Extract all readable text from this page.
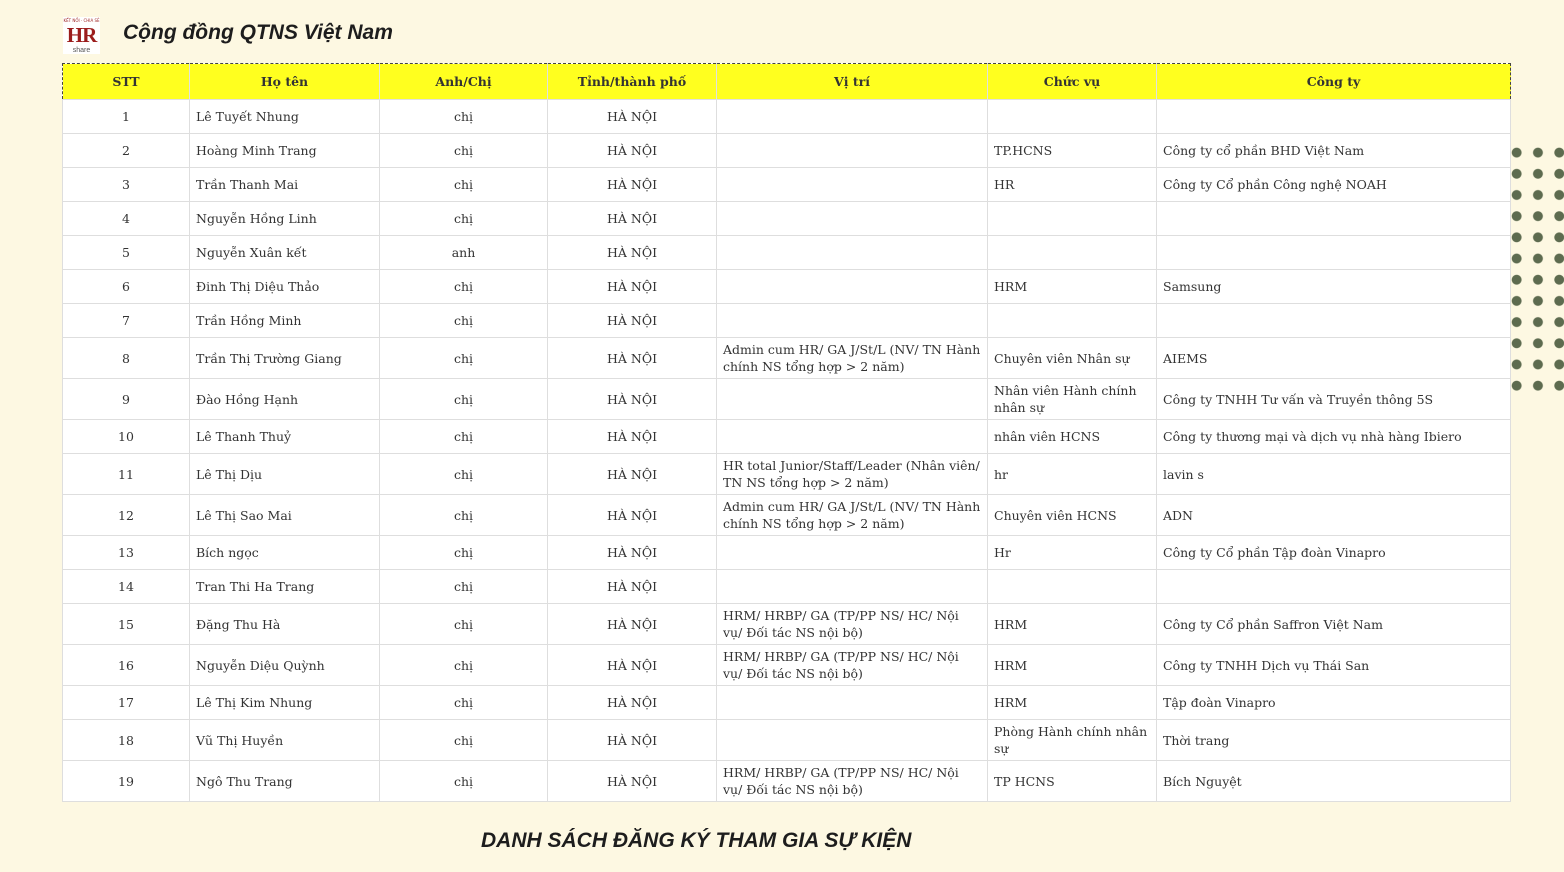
KẾT NỐI · CHIA SẺ
HR
share
Cộng đồng QTNS Việt Nam
STT	Họ tên	Anh/Chị	Tỉnh/thành phố	Vị trí	Chức vụ	Công ty
1	Lê Tuyết Nhung	chị	HÀ NỘI			
2	Hoàng Minh Trang	chị	HÀ NỘI		TP.HCNS	Công ty cổ phần BHD Việt Nam
3	Trần Thanh Mai	chị	HÀ NỘI		HR	Công ty Cổ phần Công nghệ NOAH
4	Nguyễn Hồng Linh	chị	HÀ NỘI			
5	Nguyễn Xuân kết	anh	HÀ NỘI			
6	Đinh Thị Diệu Thảo	chị	HÀ NỘI		HRM	Samsung
7	Trần Hồng Minh	chị	HÀ NỘI			
8	Trần Thị Trường Giang	chị	HÀ NỘI	Admin cum HR/ GA J/St/L (NV/ TN Hành chính NS tổng hợp > 2 năm)	Chuyên viên Nhân sự	AIEMS
9	Đào Hồng Hạnh	chị	HÀ NỘI		Nhân viên Hành chính nhân sự	Công ty TNHH Tư vấn và Truyền thông 5S
10	Lê Thanh Thuỷ	chị	HÀ NỘI		nhân viên HCNS	Công ty thương mại và dịch vụ nhà hàng Ibiero
11	Lê Thị Dịu	chị	HÀ NỘI	HR total Junior/Staff/Leader (Nhân viên/ TN NS tổng hợp > 2 năm)	hr	lavin s
12	Lê Thị Sao Mai	chị	HÀ NỘI	Admin cum HR/ GA J/St/L (NV/ TN Hành chính NS tổng hợp > 2 năm)	Chuyên viên HCNS	ADN
13	Bích ngọc	chị	HÀ NỘI		Hr	Công ty Cổ phần Tập đoàn Vinapro
14	Tran Thi Ha Trang	chị	HÀ NỘI			
15	Đặng Thu Hà	chị	HÀ NỘI	HRM/ HRBP/ GA (TP/PP NS/ HC/ Nội vụ/ Đối tác NS nội bộ)	HRM	Công ty Cổ phần Saffron Việt Nam
16	Nguyễn Diệu Quỳnh	chị	HÀ NỘI	HRM/ HRBP/ GA (TP/PP NS/ HC/ Nội vụ/ Đối tác NS nội bộ)	HRM	Công ty TNHH Dịch vụ Thái San
17	Lê Thị Kim Nhung	chị	HÀ NỘI		HRM	Tập đoàn Vinapro
18	Vũ Thị Huyền	chị	HÀ NỘI		Phòng Hành chính nhân sự	Thời trang
19	Ngô Thu Trang	chị	HÀ NỘI	HRM/ HRBP/ GA (TP/PP NS/ HC/ Nội vụ/ Đối tác NS nội bộ)	TP HCNS	Bích Nguyệt
DANH SÁCH ĐĂNG KÝ THAM GIA SỰ KIỆN
